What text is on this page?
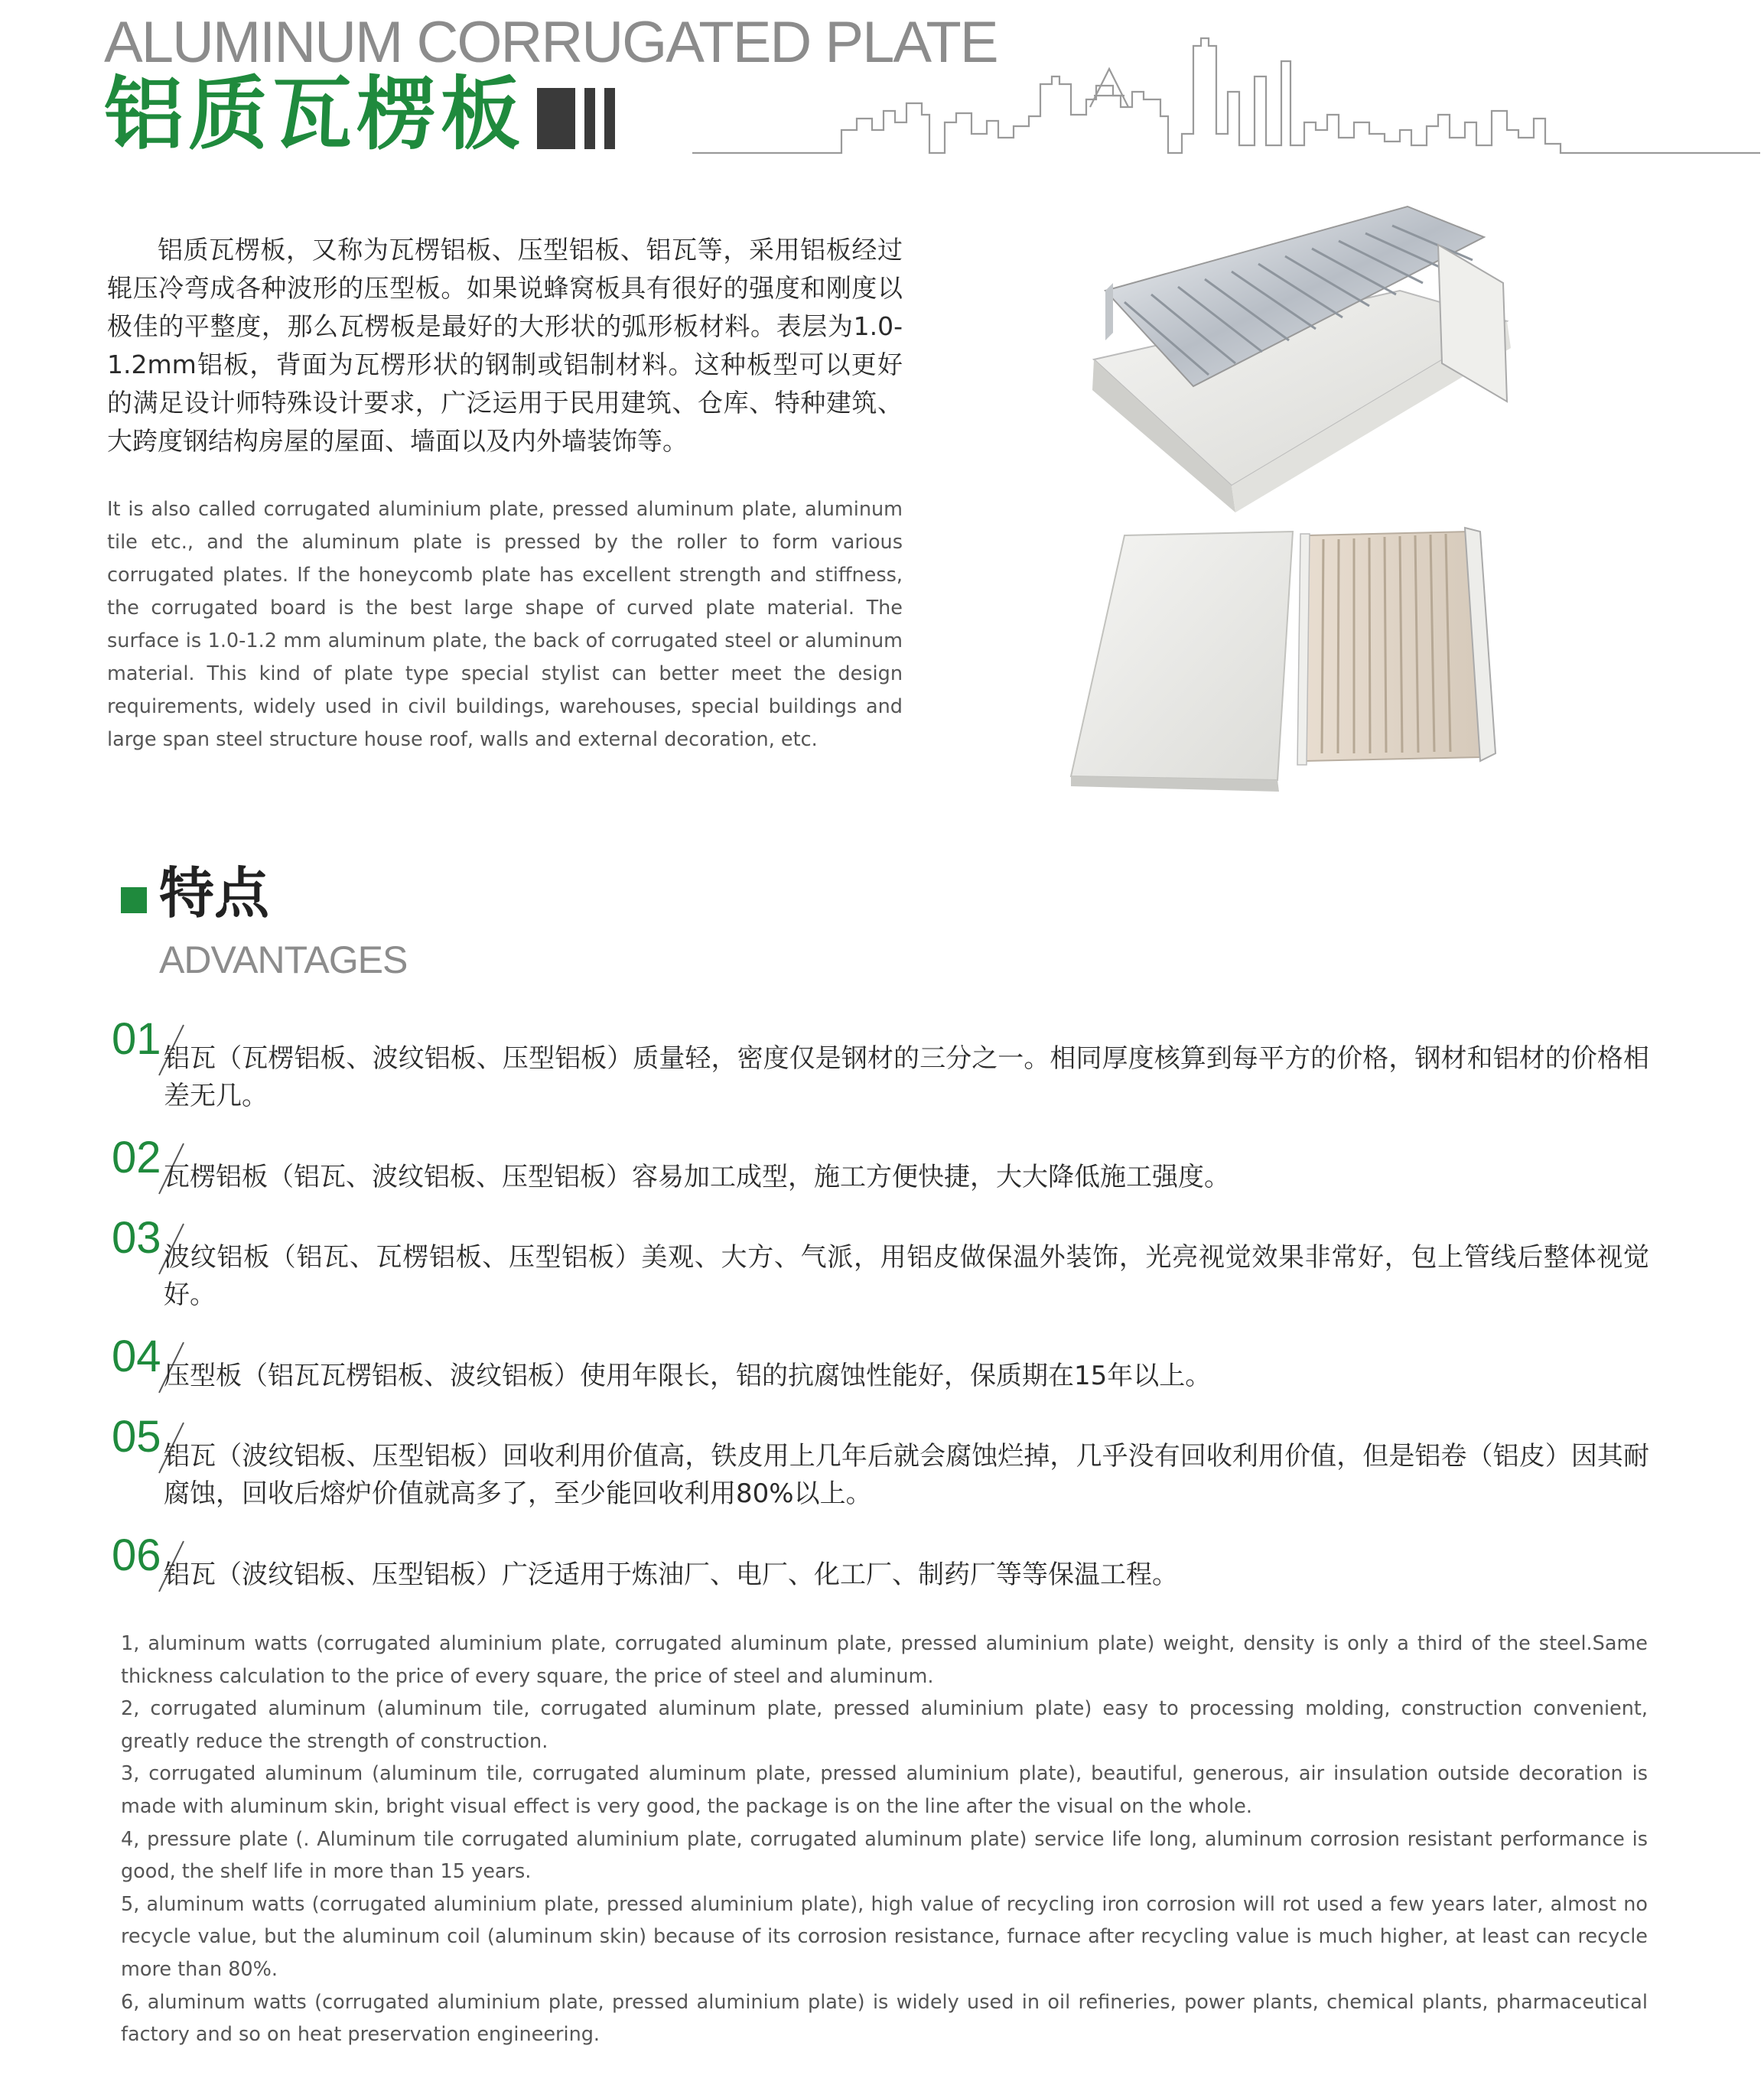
ALUMINUM CORRUGATED PLATE
铝质瓦楞板

铝质瓦楞板，又称为瓦楞铝板、压型铝板、铝瓦等，采用铝板经过辊压冷弯成各种波形的压型板。如果说蜂窝板具有很好的强度和刚度以极佳的平整度，那么瓦楞板是最好的大形状的弧形板材料。表层为1.0-1.2mm铝板，背面为瓦楞形状的钢制或铝制材料。这种板型可以更好的满足设计师特殊设计要求，广泛运用于民用建筑、仓库、特种建筑、大跨度钢结构房屋的屋面、墙面以及内外墙装饰等。

It is also called corrugated aluminium plate, pressed aluminum plate, aluminum tile etc., and the aluminum plate is pressed by the roller to form various corrugated plates. If the honeycomb plate has excellent strength and stiffness, the corrugated board is the best large shape of curved plate material. The surface is 1.0-1.2 mm aluminum plate, the back of corrugated steel or aluminum material. This kind of plate type special stylist can better meet the design requirements, widely used in civil buildings, warehouses, special buildings and large span steel structure house roof, walls and external decoration, etc.

特点
ADVANTAGES
01 铝瓦（瓦楞铝板、波纹铝板、压型铝板）质量轻，密度仅是钢材的三分之一。相同厚度核算到每平方的价格，钢材和铝材的价格相差无几。

02 瓦楞铝板（铝瓦、波纹铝板、压型铝板）容易加工成型，施工方便快捷，大大降低施工强度。

03 波纹铝板（铝瓦、瓦楞铝板、压型铝板）美观、大方、气派，用铝皮做保温外装饰，光亮视觉效果非常好，包上管线后整体视觉好。

04 压型板（铝瓦瓦楞铝板、波纹铝板）使用年限长，铝的抗腐蚀性能好，保质期在15年以上。

05 铝瓦（波纹铝板、压型铝板）回收利用价值高，铁皮用上几年后就会腐蚀烂掉，几乎没有回收利用价值，但是铝卷（铝皮）因其耐腐蚀，回收后熔炉价值就高多了，至少能回收利用80%以上。

06 铝瓦（波纹铝板、压型铝板）广泛适用于炼油厂、电厂、化工厂、制药厂等等保温工程。

1, aluminum watts (corrugated aluminium plate, corrugated aluminum plate, pressed aluminium plate) weight, density is only a third of the steel.Same thickness calculation to the price of every square, the price of steel and aluminum.

2, corrugated aluminum (aluminum tile, corrugated aluminum plate, pressed aluminium plate) easy to processing molding, construction convenient, greatly reduce the strength of construction.

3, corrugated aluminum (aluminum tile, corrugated aluminum plate, pressed aluminium plate), beautiful, generous, air insulation outside decoration is made with aluminum skin, bright visual effect is very good, the package is on the line after the visual on the whole.

4, pressure plate (. Aluminum tile corrugated aluminium plate, corrugated aluminum plate) service life long, aluminum corrosion resistant performance is good, the shelf life in more than 15 years.

5, aluminum watts (corrugated aluminium plate, pressed aluminium plate), high value of recycling iron corrosion will rot used a few years later, almost no recycle value, but the aluminum coil (aluminum skin) because of its corrosion resistance, furnace after recycling value is much higher, at least can recycle more than 80%.

6, aluminum watts (corrugated aluminium plate, pressed aluminium plate) is widely used in oil refineries, power plants, chemical plants, pharmaceutical factory and so on heat preservation engineering.
